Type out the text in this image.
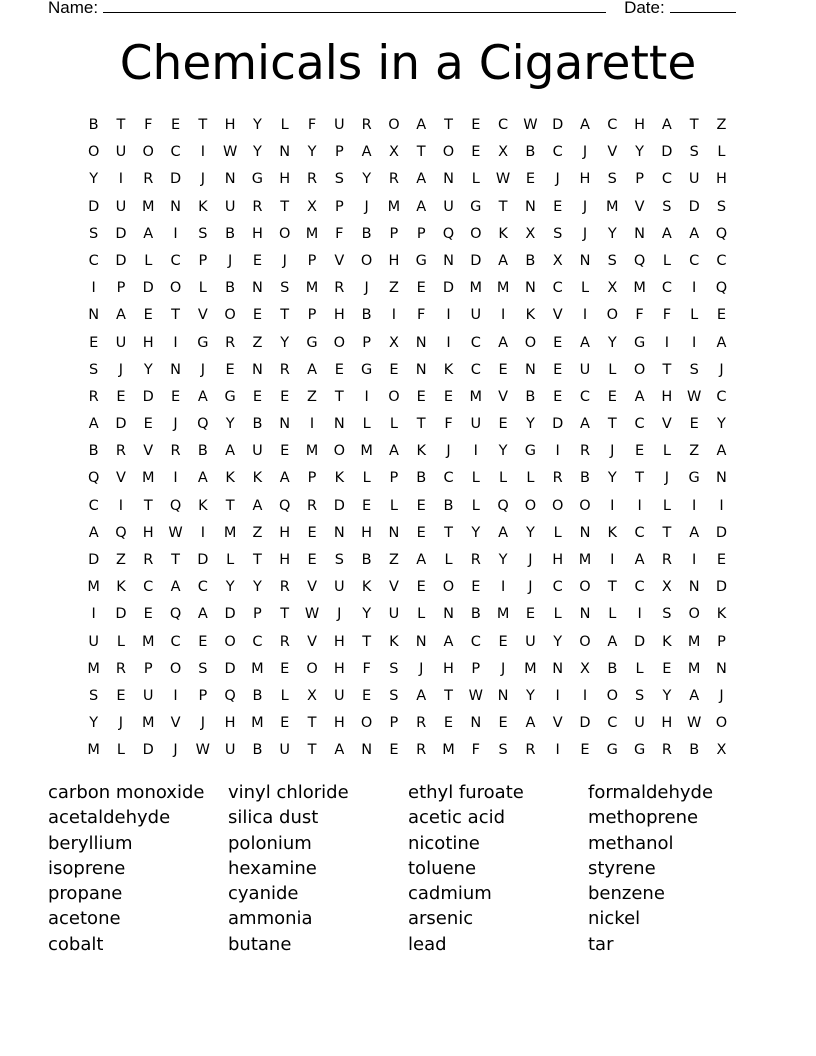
Name:	Date:
Chemicals in a Cigarette
B	T	F	E	T	H	Y	L	F	U	R	O	A	T	E	C	W	D	A	C	H	A	T	Z
O	U	O	C	I	W	Y	N	Y	P	A	X	T	O	E	X	B	C	J	V	Y	D	S	L
Y	I	R	D	J	N	G	H	R	S	Y	R	A	N	L	W	E	J	H	S	P	C	U	H
D	U	M	N	K	U	R	T	X	P	J	M	A	U	G	T	N	E	J	M	V	S	D	S
S	D	A	I	S	B	H	O	M	F	B	P	P	Q	O	K	X	S	J	Y	N	A	A	Q
C	D	L	C	P	J	E	J	P	V	O	H	G	N	D	A	B	X	N	S	Q	L	C	C
I	P	D	O	L	B	N	S	M	R	J	Z	E	D	M	M	N	C	L	X	M	C	I	Q
N	A	E	T	V	O	E	T	P	H	B	I	F	I	U	I	K	V	I	O	F	F	L	E
E	U	H	I	G	R	Z	Y	G	O	P	X	N	I	C	A	O	E	A	Y	G	I	I	A
S	J	Y	N	J	E	N	R	A	E	G	E	N	K	C	E	N	E	U	L	O	T	S	J
R	E	D	E	A	G	E	E	Z	T	I	O	E	E	M	V	B	E	C	E	A	H	W	C
A	D	E	J	Q	Y	B	N	I	N	L	L	T	F	U	E	Y	D	A	T	C	V	E	Y
B	R	V	R	B	A	U	E	M	O	M	A	K	J	I	Y	G	I	R	J	E	L	Z	A
Q	V	M	I	A	K	K	A	P	K	L	P	B	C	L	L	L	R	B	Y	T	J	G	N
C	I	T	Q	K	T	A	Q	R	D	E	L	E	B	L	Q	O	O	O	I	I	L	I	I
A	Q	H	W	I	M	Z	H	E	N	H	N	E	T	Y	A	Y	L	N	K	C	T	A	D
D	Z	R	T	D	L	T	H	E	S	B	Z	A	L	R	Y	J	H	M	I	A	R	I	E
M	K	C	A	C	Y	Y	R	V	U	K	V	E	O	E	I	J	C	O	T	C	X	N	D
I	D	E	Q	A	D	P	T	W	J	Y	U	L	N	B	M	E	L	N	L	I	S	O	K
U	L	M	C	E	O	C	R	V	H	T	K	N	A	C	E	U	Y	O	A	D	K	M	P
M	R	P	O	S	D	M	E	O	H	F	S	J	H	P	J	M	N	X	B	L	E	M	N
S	E	U	I	P	Q	B	L	X	U	E	S	A	T	W	N	Y	I	I	O	S	Y	A	J
Y	J	M	V	J	H	M	E	T	H	O	P	R	E	N	E	A	V	D	C	U	H	W O
M	L	D	J	W	U	B	U	T	A	N	E	R	M	F	S	R	I	E	G	G	R	B	X
carbon monoxide	vinyl chloride	ethyl furoate	formaldehyde
acetaldehyde	silica dust	acetic acid	methoprene
beryllium	polonium	nicotine	methanol
isoprene	hexamine	toluene	styrene
propane	cyanide	cadmium	benzene
acetone	ammonia	arsenic	nickel
cobalt	butane	lead	tar
